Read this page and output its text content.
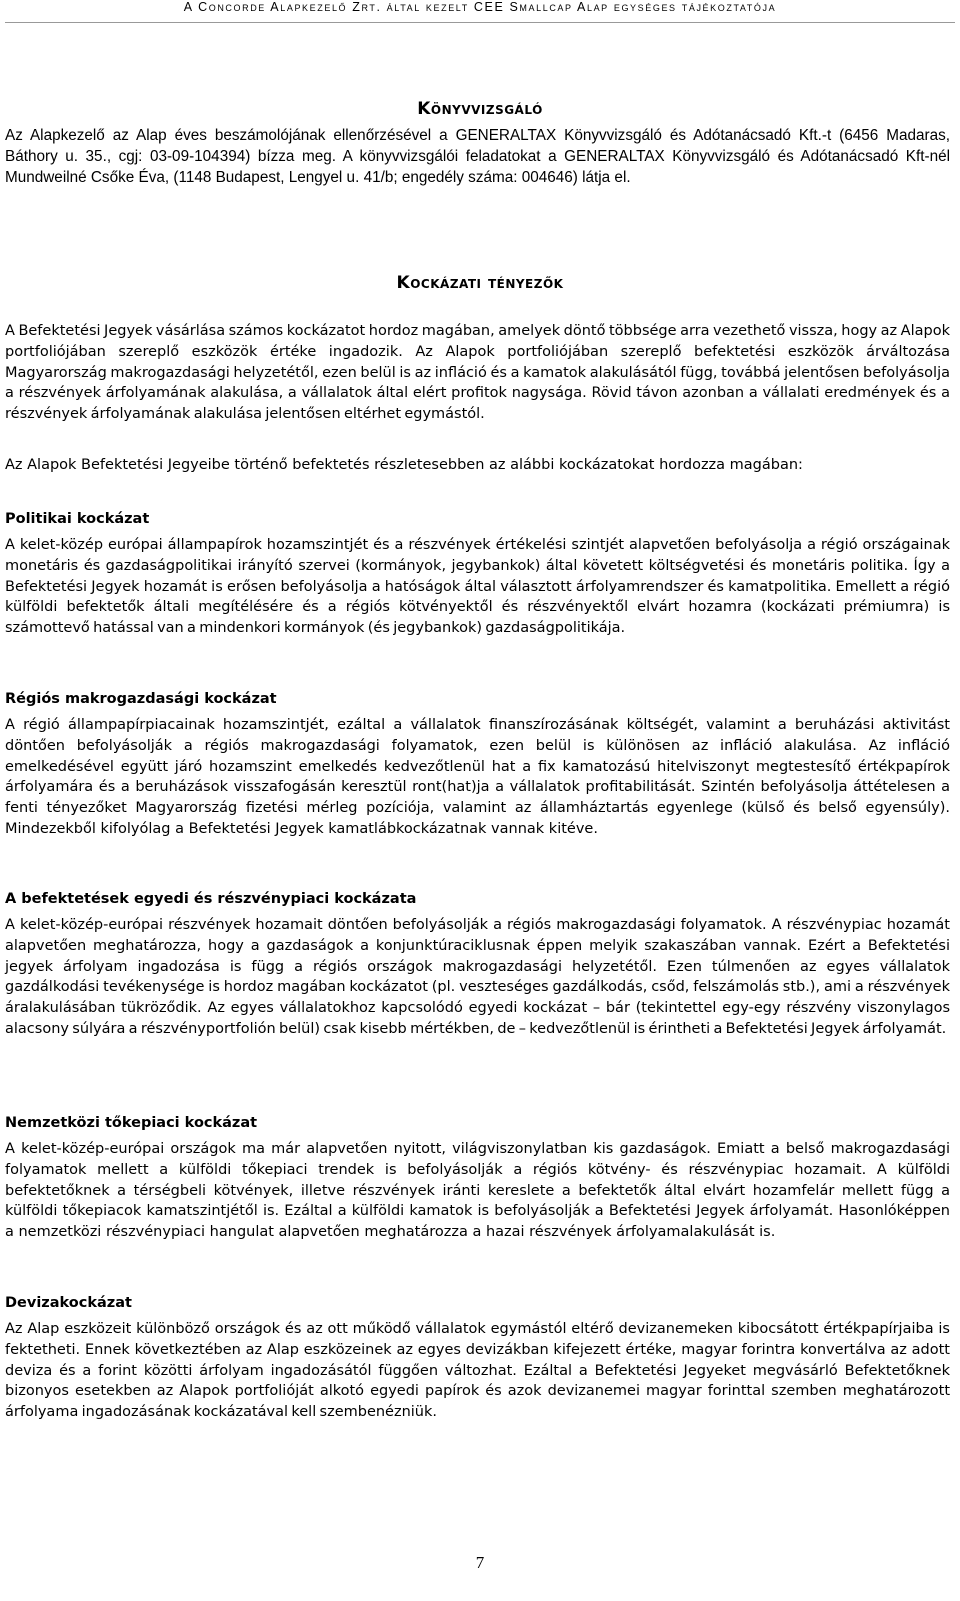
A Concorde Alapkezelő Zrt. által kezelt CEE Smallcap Alap egységes tájékoztatója
Könyvvizsgáló

Az Alapkezelő az Alap éves beszámolójának ellenőrzésével a GENERALTAX Könyvvizsgáló és Adótanácsadó Kft.-t (6456 Madaras, Báthory u. 35., cgj: 03-09-104394) bízza meg. A könyvvizsgálói feladatokat a GENERALTAX Könyvvizsgáló és Adótanácsadó Kft-nél Mundweilné Csőke Éva, (1148 Budapest, Lengyel u. 41/b; engedély száma: 004646) látja el.

Kockázati tényezők

A Befektetési Jegyek vásárlása számos kockázatot hordoz magában, amelyek döntő többsége arra vezethető vissza, hogy az Alapok portfoliójában szereplő eszközök értéke ingadozik. Az Alapok portfoliójában szereplő befektetési eszközök árváltozása Magyarország makrogazdasági helyzetétől, ezen belül is az infláció és a kamatok alakulásától függ, továbbá jelentősen befolyásolja a részvények árfolyamának alakulása, a vállalatok által elért profitok nagysága. Rövid távon azonban a vállalati eredmények és a részvények árfolyamának alakulása jelentősen eltérhet egymástól.

Az Alapok Befektetési Jegyeibe történő befektetés részletesebben az alábbi kockázatokat hordozza magában:

Politikai kockázat

A kelet-közép európai állampapírok hozamszintjét és a részvények értékelési szintjét alapvetően befolyásolja a régió országainak monetáris és gazdaságpolitikai irányító szervei (kormányok, jegybankok) által követett költségvetési és monetáris politika. Így a Befektetési Jegyek hozamát is erősen befolyásolja a hatóságok által választott árfolyamrendszer és kamatpolitika. Emellett a régió külföldi befektetők általi megítélésére és a régiós kötvényektől és részvényektől elvárt hozamra (kockázati prémiumra) is számottevő hatással van a mindenkori kormányok (és jegybankok) gazdaságpolitikája.

Régiós makrogazdasági kockázat

A régió állampapírpiacainak hozamszintjét, ezáltal a vállalatok finanszírozásának költségét, valamint a beruházási aktivitást döntően befolyásolják a régiós makrogazdasági folyamatok, ezen belül is különösen az infláció alakulása. Az infláció emelkedésével együtt járó hozamszint emelkedés kedvezőtlenül hat a fix kamatozású hitelviszonyt megtestesítő értékpapírok árfolyamára és a beruházások visszafogásán keresztül ront(hat)ja a vállalatok profitabilitását. Szintén befolyásolja áttételesen a fenti tényezőket Magyarország fizetési mérleg pozíciója, valamint az államháztartás egyenlege (külső és belső egyensúly). Mindezekből kifolyólag a Befektetési Jegyek kamatlábkockázatnak vannak kitéve.

A befektetések egyedi és részvénypiaci kockázata

A kelet-közép-európai részvények hozamait döntően befolyásolják a régiós makrogazdasági folyamatok. A részvénypiac hozamát alapvetően meghatározza, hogy a gazdaságok a konjunktúraciklusnak éppen melyik szakaszában vannak. Ezért a Befektetési jegyek árfolyam ingadozása is függ a régiós országok makrogazdasági helyzetétől. Ezen túlmenően az egyes vállalatok gazdálkodási tevékenysége is hordoz magában kockázatot (pl. veszteséges gazdálkodás, csőd, felszámolás stb.), ami a részvények áralakulásában tükröződik. Az egyes vállalatokhoz kapcsolódó egyedi kockázat – bár (tekintettel egy-egy részvény viszonylagos alacsony súlyára a részvényportfolión belül) csak kisebb mértékben, de – kedvezőtlenül is érintheti a Befektetési Jegyek árfolyamát.

Nemzetközi tőkepiaci kockázat

A kelet-közép-európai országok ma már alapvetően nyitott, világviszonylatban kis gazdaságok. Emiatt a belső makrogazdasági folyamatok mellett a külföldi tőkepiaci trendek is befolyásolják a régiós kötvény- és részvénypiac hozamait. A külföldi befektetőknek a térségbeli kötvények, illetve részvények iránti kereslete a befektetők által elvárt hozamfelár mellett függ a külföldi tőkepiacok kamatszintjétől is. Ezáltal a külföldi kamatok is befolyásolják a Befektetési Jegyek árfolyamát. Hasonlóképpen a nemzetközi részvénypiaci hangulat alapvetően meghatározza a hazai részvények árfolyamalakulását is.

Devizakockázat

Az Alap eszközeit különböző országok és az ott működő vállalatok egymástól eltérő devizanemeken kibocsátott értékpapírjaiba is fektetheti. Ennek következtében az Alap eszközeinek az egyes devizákban kifejezett értéke, magyar forintra konvertálva az adott deviza és a forint közötti árfolyam ingadozásától függően változhat. Ezáltal a Befektetési Jegyeket megvásárló Befektetőknek bizonyos esetekben az Alapok portfolióját alkotó egyedi papírok és azok devizanemei magyar forinttal szemben meghatározott árfolyama ingadozásának kockázatával kell szembenézniük.

7
